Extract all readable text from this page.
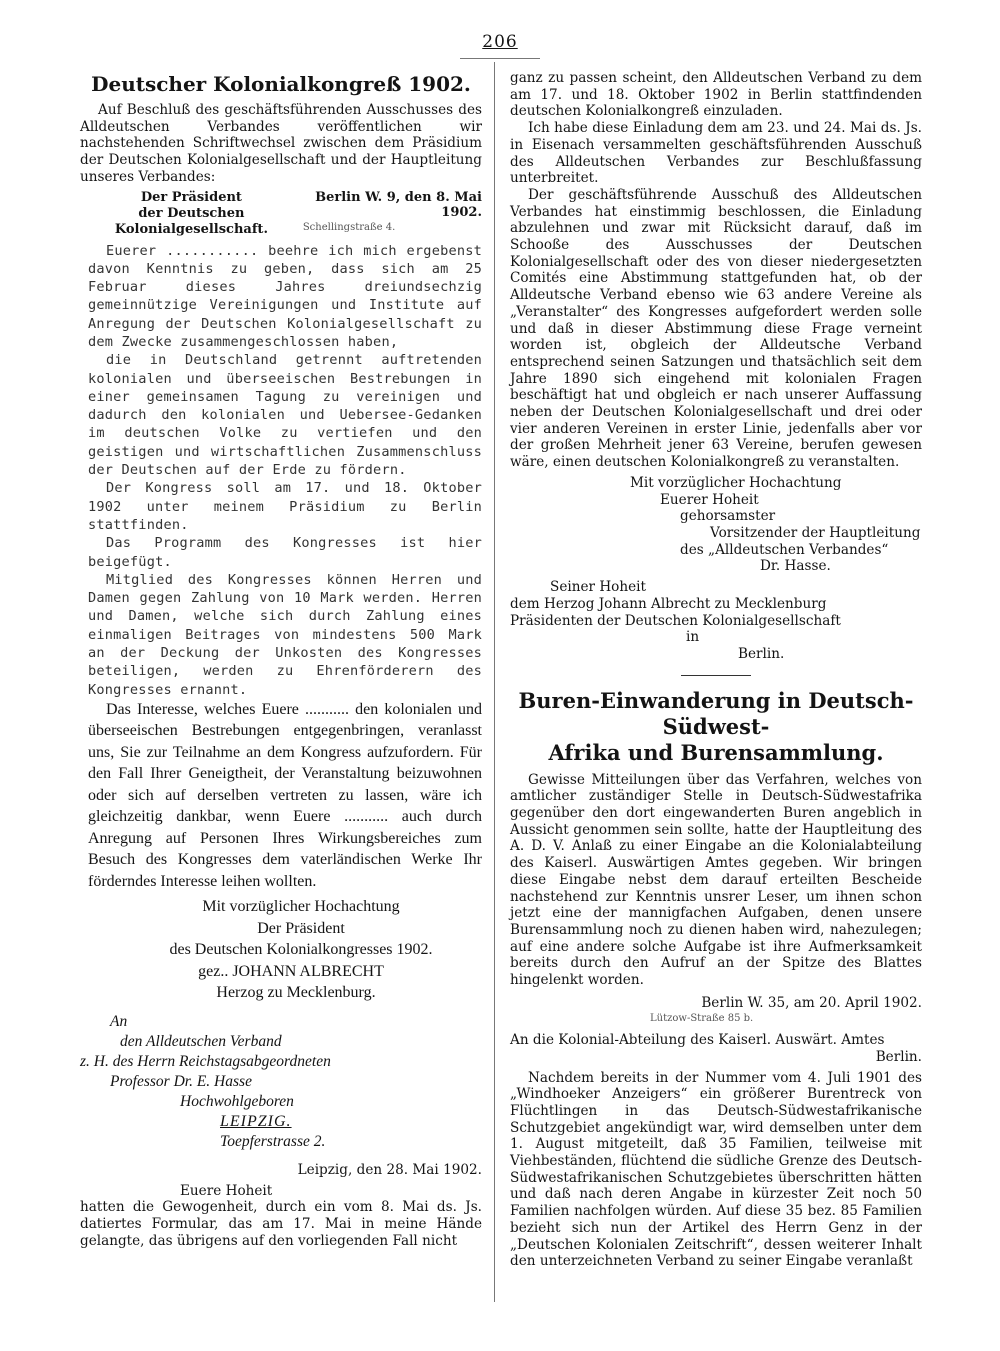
206
Deutscher Kolonialkongreß 1902.

Auf Beschluß des geschäftsführenden Ausschusses des Alldeutschen Verbandes veröffentlichen wir nachstehenden Schriftwechsel zwischen dem Präsidium der Deutschen Kolonialgesellschaft und der Hauptleitung unseres Verbandes:

Der Präsident
der Deutschen Kolonialgesellschaft.
Berlin W. 9, den 8. Mai 1902.
Schellingstraße 4.

Euerer ........... beehre ich mich ergebenst davon Kenntnis zu geben, dass sich am 25 Februar dieses Jahres dreiundsechzig gemeinnützige Vereinigungen und Institute auf Anregung der Deutschen Kolonialgesellschaft zu dem Zwecke zusammengeschlossen haben,

die in Deutschland getrennt auftretenden kolonialen und überseeischen Bestrebungen in einer gemeinsamen Tagung zu vereinigen und dadurch den kolonialen und Uebersee-Gedanken im deutschen Volke zu vertiefen und den geistigen und wirtschaftlichen Zusammenschluss der Deutschen auf der Erde zu fördern.

Der Kongress soll am 17. und 18. Oktober 1902 unter meinem Präsidium zu Berlin stattfinden.

Das Programm des Kongresses ist hier beigefügt.

Mitglied des Kongresses können Herren und Damen gegen Zahlung von 10 Mark werden. Herren und Damen, welche sich durch Zahlung eines einmaligen Beitrages von mindestens 500 Mark an der Deckung der Unkosten des Kongresses beteiligen, werden zu Ehrenförderern des Kongresses ernannt.

Das Interesse, welches Euere ........... den kolonialen und überseeischen Bestrebungen entgegenbringen, veranlasst uns, Sie zur Teilnahme an dem Kongress aufzufordern. Für den Fall Ihrer Geneigtheit, der Veranstaltung beizuwohnen oder sich auf derselben vertreten zu lassen, wäre ich gleichzeitig dankbar, wenn Euere ........... auch durch Anregung auf Personen Ihres Wirkungsbereiches zum Besuch des Kongresses dem vaterländischen Werke Ihr förderndes Interesse leihen wollten.

Mit vorzüglicher Hochachtung

Der Präsident

des Deutschen Kolonialkongresses 1902.

gez.. JOHANN ALBRECHT

Herzog zu Mecklenburg.

An

den Alldeutschen Verband

z. H. des Herrn Reichstagsabgeordneten

Professor Dr. E. Hasse

Hochwohlgeboren

LEIPZIG.

Toepferstrasse 2.

Leipzig, den 28. Mai 1902.

Euere Hoheit

hatten die Gewogenheit, durch ein vom 8. Mai ds. Js. datiertes Formular, das am 17. Mai in meine Hände gelangte, das übrigens auf den vorliegenden Fall nicht

ganz zu passen scheint, den Alldeutschen Verband zu dem am 17. und 18. Oktober 1902 in Berlin stattfindenden deutschen Kolonialkongreß einzuladen.

Ich habe diese Einladung dem am 23. und 24. Mai ds. Js. in Eisenach versammelten geschäftsführenden Ausschuß des Alldeutschen Verbandes zur Beschlußfassung unterbreitet.

Der geschäftsführende Ausschuß des Alldeutschen Verbandes hat einstimmig beschlossen, die Einladung abzulehnen und zwar mit Rücksicht darauf, daß im Schooße des Ausschusses der Deutschen Kolonialgesellschaft oder des von dieser niedergesetzten Comités eine Abstimmung stattgefunden hat, ob der Alldeutsche Verband ebenso wie 63 andere Vereine als „Veranstalter“ des Kongresses aufgefordert werden solle und daß in dieser Abstimmung diese Frage verneint worden ist, obgleich der Alldeutsche Verband entsprechend seinen Satzungen und thatsächlich seit dem Jahre 1890 sich eingehend mit kolonialen Fragen beschäftigt hat und obgleich er nach unserer Auffassung neben der Deutschen Kolonialgesellschaft und drei oder vier anderen Vereinen in erster Linie, jedenfalls aber vor der großen Mehrheit jener 63 Vereine, berufen gewesen wäre, einen deutschen Kolonialkongreß zu veranstalten.

Mit vorzüglicher Hochachtung

Euerer Hoheit

gehorsamster

Vorsitzender der Hauptleitung

des „Alldeutschen Verbandes“

Dr. Hasse.

Seiner Hoheit

dem Herzog Johann Albrecht zu Mecklenburg

Präsidenten der Deutschen Kolonialgesellschaft

in

Berlin.

Buren-Einwanderung in Deutsch-Südwest-
Afrika und Burensammlung.

Gewisse Mitteilungen über das Verfahren, welches von amtlicher zuständiger Stelle in Deutsch-Südwestafrika gegenüber den dort eingewanderten Buren angeblich in Aussicht genommen sein sollte, hatte der Hauptleitung des A. D. V. Anlaß zu einer Eingabe an die Kolonialabteilung des Kaiserl. Auswärtigen Amtes gegeben. Wir bringen diese Eingabe nebst dem darauf erteilten Bescheide nachstehend zur Kenntnis unsrer Leser, um ihnen schon jetzt eine der mannigfachen Aufgaben, denen unsere Burensammlung noch zu dienen haben wird, nahezulegen; auf eine andere solche Aufgabe ist ihre Aufmerksamkeit bereits durch den Aufruf an der Spitze des Blattes hingelenkt worden.

Berlin W. 35, am 20. April 1902.

Lützow-Straße 85 b.

An die Kolonial-Abteilung des Kaiserl. Auswärt. Amtes

Berlin.

Nachdem bereits in der Nummer vom 4. Juli 1901 des „Windhoeker Anzeigers“ ein größerer Burentreck von Flüchtlingen in das Deutsch-Südwestafrikanische Schutzgebiet angekündigt war, wird demselben unter dem 1. August mitgeteilt, daß 35 Familien, teilweise mit Viehbeständen, flüchtend die südliche Grenze des Deutsch-Südwestafrikanischen Schutzgebietes überschritten hätten und daß nach deren Angabe in kürzester Zeit noch 50 Familien nachfolgen würden. Auf diese 35 bez. 85 Familien bezieht sich nun der Artikel des Herrn Genz in der „Deutschen Kolonialen Zeitschrift“, dessen weiterer Inhalt den unterzeichneten Verband zu seiner Eingabe veranlaßt
